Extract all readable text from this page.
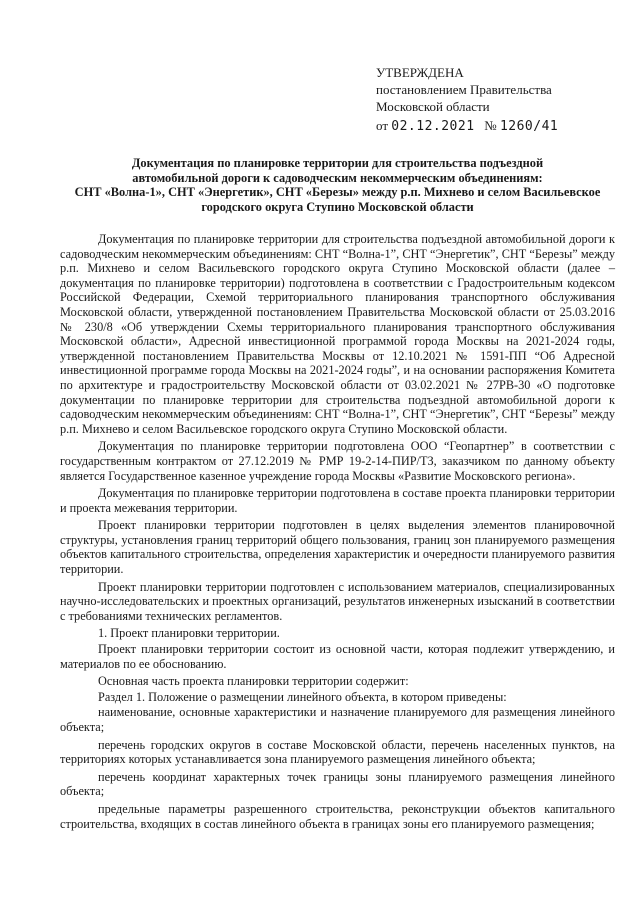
УТВЕРЖДЕНА
постановлением Правительства
Московской области
от 02.12.2021 № 1260/41
Документация по планировке территории для строительства подъездной
автомобильной дороги к садоводческим некоммерческим объединениям:
СНТ «Волна-1», СНТ «Энергетик», СНТ «Березы» между р.п. Михнево и селом Васильевское
городского округа Ступино Московской области

Документация по планировке территории для строительства подъездной автомобильной дороги к садоводческим некоммерческим объединениям: СНТ “Волна-1”, СНТ “Энергетик”, СНТ “Березы” между р.п. Михнево и селом Васильевского городского округа Ступино Московской области (далее – документация по планировке территории) подготовлена в соответствии с Градостроительным кодексом Российской Федерации, Схемой территориального планирования транспортного обслуживания Московской области, утвержденной постановлением Правительства Московской области от 25.03.2016 № 230/8 «Об утверждении Схемы территориального планирования транспортного обслуживания Московской области», Адресной инвестиционной программой города Москвы на 2021-2024 годы, утвержденной постановлением Правительства Москвы от 12.10.2021 № 1591-ПП “Об Адресной инвестиционной программе города Москвы на 2021-2024 годы”, и на основании распоряжения Комитета по архитектуре и градостроительству Московской области от 03.02.2021 № 27РВ-30 «О подготовке документации по планировке территории для строительства подъездной автомобильной дороги к садоводческим некоммерческим объединениям: СНТ “Волна-1”, СНТ “Энергетик”, СНТ “Березы” между р.п. Михнево и селом Васильевское городского округа Ступино Московской области.

Документация по планировке территории подготовлена ООО “Геопартнер” в соответствии с государственным контрактом от 27.12.2019 № РМР 19-2-14-ПИР/ТЗ, заказчиком по данному объекту является Государственное казенное учреждение города Москвы «Развитие Московского региона».

Документация по планировке территории подготовлена в составе проекта планировки территории и проекта межевания территории.

Проект планировки территории подготовлен в целях выделения элементов планировочной структуры, установления границ территорий общего пользования, границ зон планируемого размещения объектов капитального строительства, определения характеристик и очередности планируемого развития территории.

Проект планировки территории подготовлен с использованием материалов, специализированных научно-исследовательских и проектных организаций, результатов инженерных изысканий в соответствии с требованиями технических регламентов.

1. Проект планировки территории.

Проект планировки территории состоит из основной части, которая подлежит утверждению, и материалов по ее обоснованию.

Основная часть проекта планировки территории содержит:

Раздел 1. Положение о размещении линейного объекта, в котором приведены:

наименование, основные характеристики и назначение планируемого для размещения линейного объекта;

перечень городских округов в составе Московской области, перечень населенных пунктов, на территориях которых устанавливается зона планируемого размещения линейного объекта;

перечень координат характерных точек границы зоны планируемого размещения линейного объекта;

предельные параметры разрешенного строительства, реконструкции объектов капитального строительства, входящих в состав линейного объекта в границах зоны его планируемого размещения;
